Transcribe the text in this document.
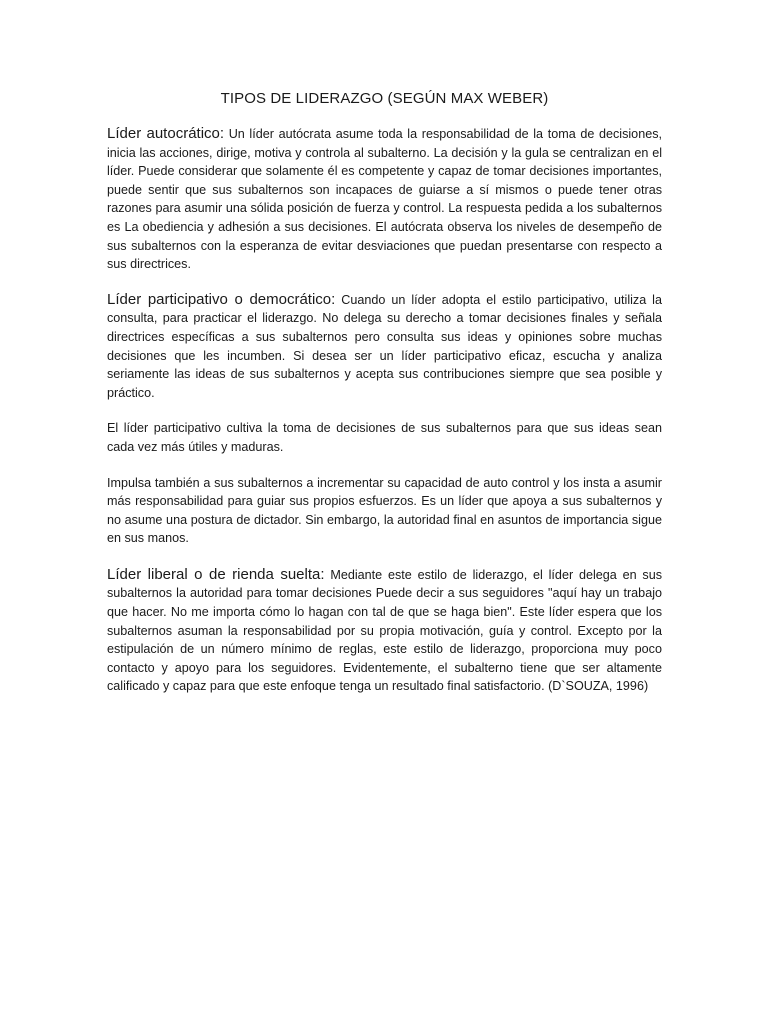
TIPOS DE LIDERAZGO (SEGÚN MAX WEBER)

Líder autocrático: Un líder autócrata asume toda la responsabilidad de la toma de decisiones, inicia las acciones, dirige, motiva y controla al subalterno. La decisión y la gula se centralizan en el líder. Puede considerar que solamente él es competente y capaz de tomar decisiones importantes, puede sentir que sus subalternos son incapaces de guiarse a sí mismos o puede tener otras razones para asumir una sólida posición de fuerza y control. La respuesta pedida a los subalternos es La obediencia y adhesión a sus decisiones. El autócrata observa los niveles de desempeño de sus subalternos con la esperanza de evitar desviaciones que puedan presentarse con respecto a sus directrices.

Líder participativo o democrático: Cuando un líder adopta el estilo participativo, utiliza la consulta, para practicar el liderazgo. No delega su derecho a tomar decisiones finales y señala directrices específicas a sus subalternos pero consulta sus ideas y opiniones sobre muchas decisiones que les incumben. Si desea ser un líder participativo eficaz, escucha y analiza seriamente las ideas de sus subalternos y acepta sus contribuciones siempre que sea posible y práctico.

El líder participativo cultiva la toma de decisiones de sus subalternos para que sus ideas sean cada vez más útiles y maduras.

Impulsa también a sus subalternos a incrementar su capacidad de auto control y los insta a asumir más responsabilidad para guiar sus propios esfuerzos. Es un líder que apoya a sus subalternos y no asume una postura de dictador. Sin embargo, la autoridad final en asuntos de importancia sigue en sus manos.

Líder liberal o de rienda suelta: Mediante este estilo de liderazgo, el líder delega en sus subalternos la autoridad para tomar decisiones Puede decir a sus seguidores "aquí hay un trabajo que hacer. No me importa cómo lo hagan con tal de que se haga bien". Este líder espera que los subalternos asuman la responsabilidad por su propia motivación, guía y control. Excepto por la estipulación de un número mínimo de reglas, este estilo de liderazgo, proporciona muy poco contacto y apoyo para los seguidores. Evidentemente, el subalterno tiene que ser altamente calificado y capaz para que este enfoque tenga un resultado final satisfactorio. (D`SOUZA, 1996)
